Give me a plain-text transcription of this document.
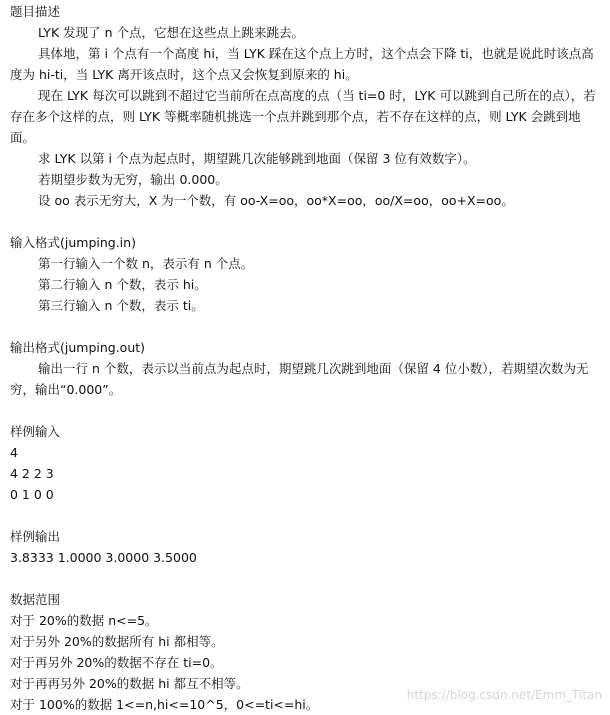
题目描述

LYK 发现了 n 个点，它想在这些点上跳来跳去。

具体地，第 i 个点有一个高度 hi，当 LYK 踩在这个点上方时，这个点会下降 ti，也就是说此时该点高度为 hi-ti，当 LYK 离开该点时，这个点又会恢复到原来的 hi。

现在 LYK 每次可以跳到不超过它当前所在点高度的点（当 ti=0 时，LYK 可以跳到自己所在的点），若存在多个这样的点，则 LYK 等概率随机挑选一个点并跳到那个点，若不存在这样的点，则 LYK 会跳到地面。

求 LYK 以第 i 个点为起点时，期望跳几次能够跳到地面（保留 3 位有效数字）。

若期望步数为无穷，输出 0.000。

设 oo 表示无穷大，X 为一个数，有 oo-X=oo，oo*X=oo，oo/X=oo，oo+X=oo。

输入格式(jumping.in)

第一行输入一个数 n，表示有 n 个点。

第二行输入 n 个数，表示 hi。

第三行输入 n 个数，表示 ti。

输出格式(jumping.out)

输出一行 n 个数，表示以当前点为起点时，期望跳几次跳到地面（保留 4 位小数），若期望次数为无穷，输出“0.000”。

样例输入

4

4 2 2 3

0 1 0 0

样例输出

3.8333 1.0000 3.0000 3.5000

数据范围

对于 20%的数据 n<=5。

对于另外 20%的数据所有 hi 都相等。

对于再另外 20%的数据不存在 ti=0。

对于再再另外 20%的数据 hi 都互不相等。

对于 100%的数据 1<=n,hi<=10^5，0<=ti<=hi。

https://blog.csdn.net/Emm_Titan
